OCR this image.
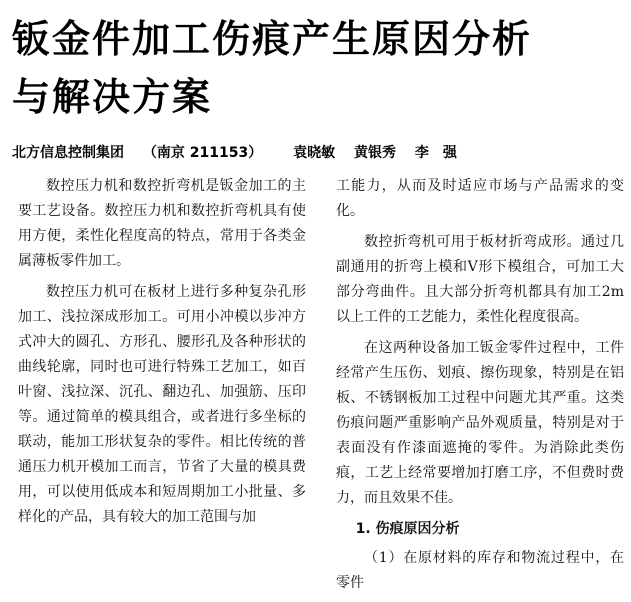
钣金件加工伤痕产生原因分析
与解决方案
北方信息控制集团 （南京 211153） 袁晓敏 黄银秀 李　强

数控压力机和数控折弯机是钣金加工的主要工艺设备。数控压力机和数控折弯机具有使用方便，柔性化程度高的特点，常用于各类金属薄板零件加工。

数控压力机可在板材上进行多种复杂孔形加工、浅拉深成形加工。可用小冲模以步冲方式冲大的圆孔、方形孔、腰形孔及各种形状的曲线轮廓，同时也可进行特殊工艺加工，如百叶窗、浅拉深、沉孔、翻边孔、加强筋、压印等。通过简单的模具组合，或者进行多坐标的联动，能加工形状复杂的零件。相比传统的普通压力机开模加工而言，节省了大量的模具费用，可以使用低成本和短周期加工小批量、多样化的产品，具有较大的加工范围与加

工能力，从而及时适应市场与产品需求的变化。

数控折弯机可用于板材折弯成形。通过几副通用的折弯上模和V形下模组合，可加工大部分弯曲件。且大部分折弯机都具有加工2m以上工件的工艺能力，柔性化程度很高。

在这两种设备加工钣金零件过程中，工件经常产生压伤、划痕、擦伤现象，特别是在铝板、不锈钢板加工过程中问题尤其严重。这类伤痕问题严重影响产品外观质量，特别是对于表面没有作漆面遮掩的零件。为消除此类伤痕，工艺上经常要增加打磨工序，不但费时费力，而且效果不佳。

1. 伤痕原因分析

（1）在原材料的库存和物流过程中，在零件
